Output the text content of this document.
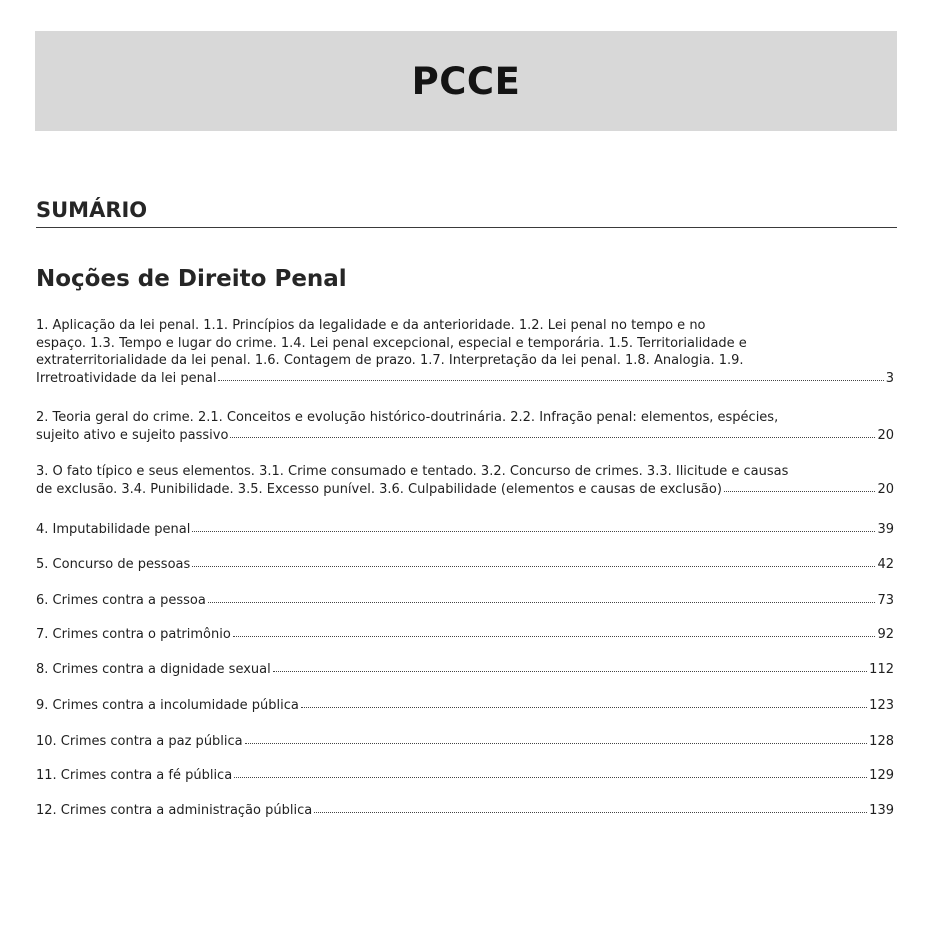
PCCE
SUMÁRIO
Noções de Direito Penal
1. Aplicação da lei penal. 1.1. Princípios da legalidade e da anterioridade. 1.2. Lei penal no tempo e no
espaço. 1.3. Tempo e lugar do crime. 1.4. Lei penal excepcional, especial e temporária. 1.5. Territorialidade e
extraterritorialidade da lei penal. 1.6. Contagem de prazo. 1.7. Interpretação da lei penal. 1.8. Analogia. 1.9.
Irretroatividade da lei penal	3
2. Teoria geral do crime. 2.1. Conceitos e evolução histórico-doutrinária. 2.2. Infração penal: elementos, espécies,
sujeito ativo e sujeito passivo	20
3. O fato típico e seus elementos. 3.1. Crime consumado e tentado. 3.2. Concurso de crimes. 3.3. Ilicitude e causas
de exclusão. 3.4. Punibilidade. 3.5. Excesso punível. 3.6. Culpabilidade (elementos e causas de exclusão)	20
4. Imputabilidade penal	39
5. Concurso de pessoas	42
6. Crimes contra a pessoa	73
7. Crimes contra o patrimônio	92
8. Crimes contra a dignidade sexual	112
9. Crimes contra a incolumidade pública	123
10. Crimes contra a paz pública	128
11. Crimes contra a fé pública	129
12. Crimes contra a administração pública	139
